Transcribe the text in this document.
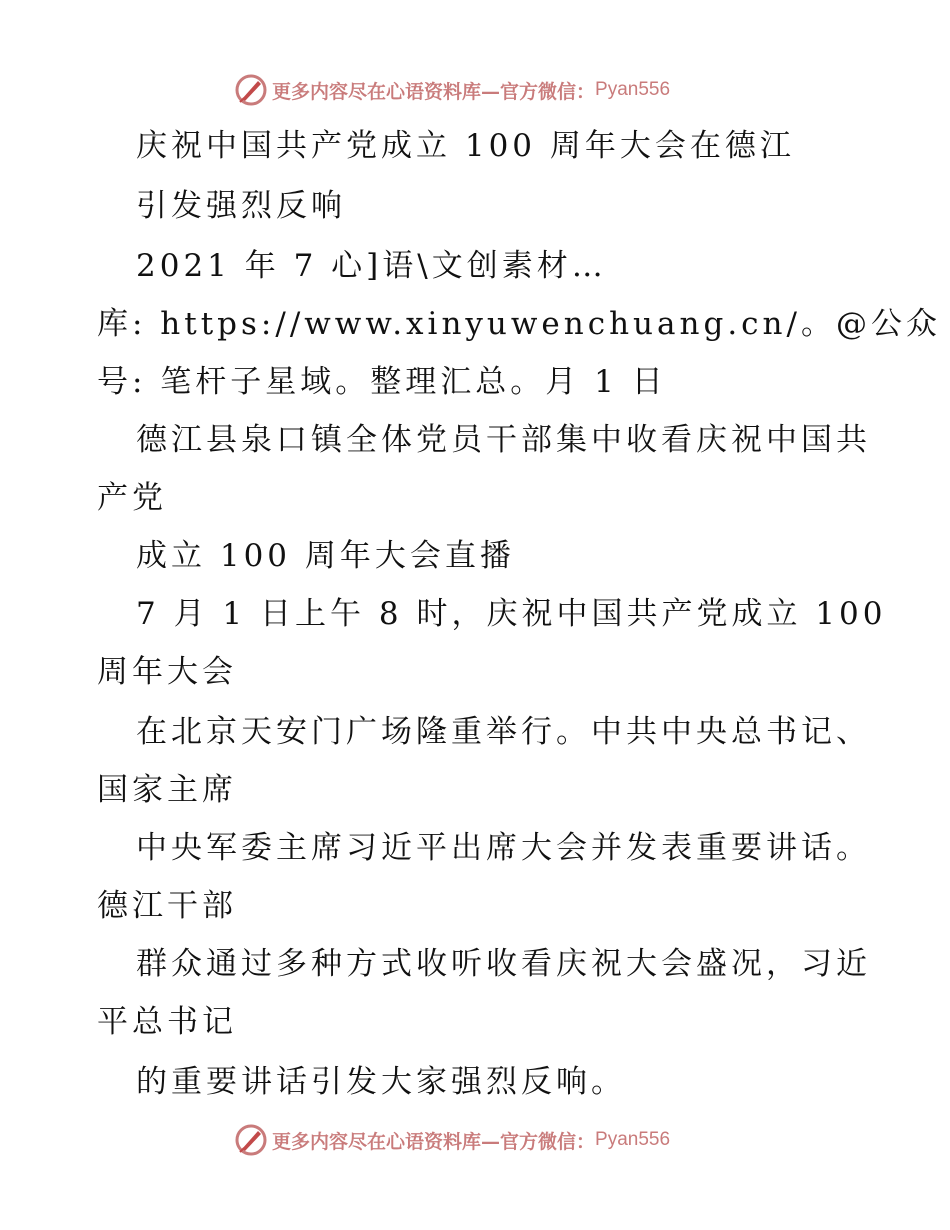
更多内容尽在心语资料库—官方微信： Pyan556
庆祝中国共产党成立 100 周年大会在德江
引发强烈反响
2021 年 7 心]语\文创素材…
库: https://www.xinyuwenchuang.cn/。@公众
号: 笔杆子星域。整理汇总。月 1 日
德江县泉口镇全体党员干部集中收看庆祝中国共
产党
成立 100 周年大会直播
7 月 1 日上午 8 时，庆祝中国共产党成立 100
周年大会
在北京天安门广场隆重举行。中共中央总书记、
国家主席
中央军委主席习近平出席大会并发表重要讲话。
德江干部
群众通过多种方式收听收看庆祝大会盛况，习近
平总书记
的重要讲话引发大家强烈反响。
更多内容尽在心语资料库—官方微信： Pyan556
